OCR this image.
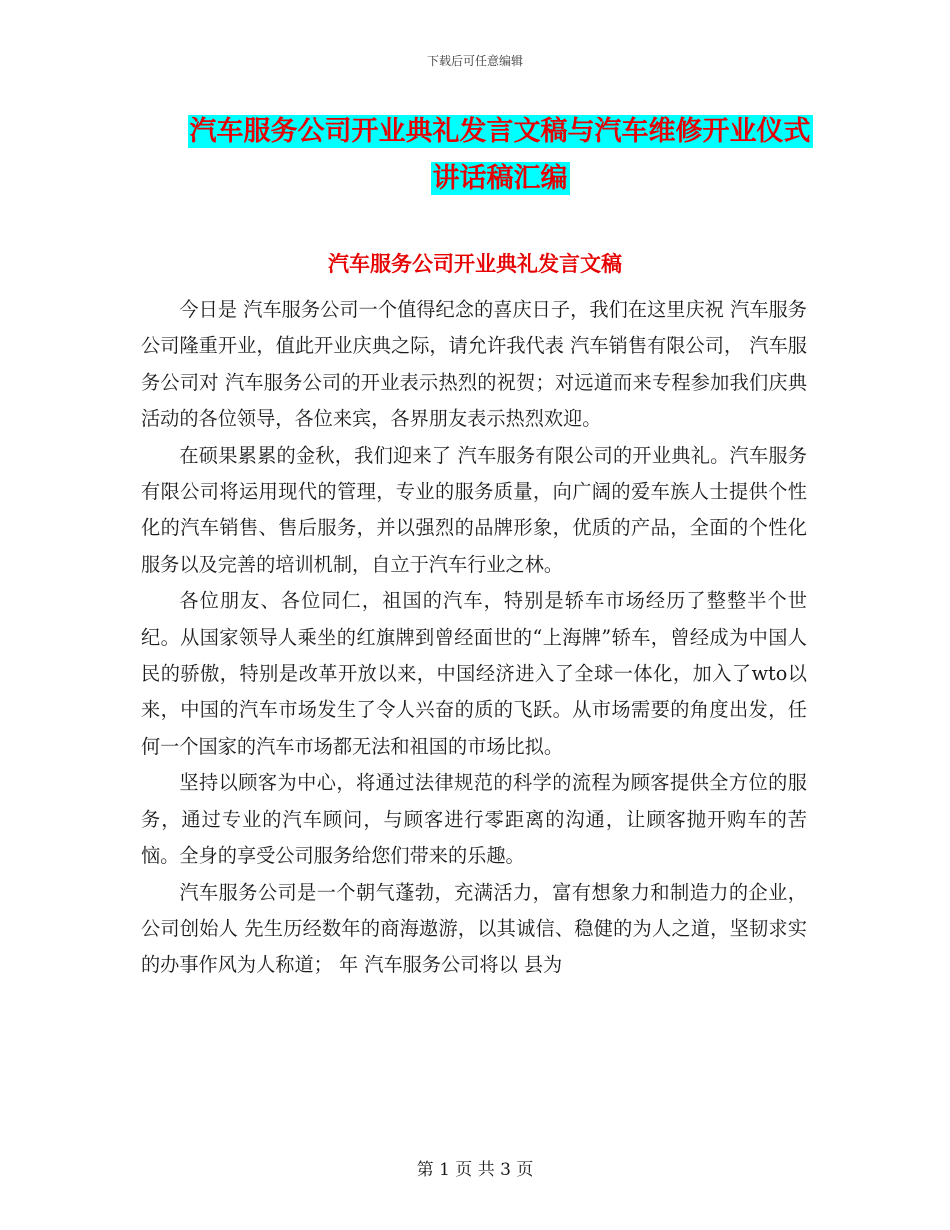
下载后可任意编辑
汽车服务公司开业典礼发言文稿与汽车维修开业仪式
讲话稿汇编
汽车服务公司开业典礼发言文稿

今日是 汽车服务公司一个值得纪念的喜庆日子，我们在这里庆祝 汽车服务公司隆重开业，值此开业庆典之际，请允许我代表 汽车销售有限公司， 汽车服务公司对 汽车服务公司的开业表示热烈的祝贺；对远道而来专程参加我们庆典活动的各位领导，各位来宾，各界朋友表示热烈欢迎。

在硕果累累的金秋，我们迎来了 汽车服务有限公司的开业典礼。汽车服务有限公司将运用现代的管理，专业的服务质量，向广阔的爱车族人士提供个性化的汽车销售、售后服务，并以强烈的品牌形象，优质的产品，全面的个性化服务以及完善的培训机制，自立于汽车行业之林。

各位朋友、各位同仁，祖国的汽车，特别是轿车市场经历了整整半个世纪。从国家领导人乘坐的红旗牌到曾经面世的“上海牌”轿车，曾经成为中国人民的骄傲，特别是改革开放以来，中国经济进入了全球一体化，加入了wto以来，中国的汽车市场发生了令人兴奋的质的飞跃。从市场需要的角度出发，任何一个国家的汽车市场都无法和祖国的市场比拟。

坚持以顾客为中心，将通过法律规范的科学的流程为顾客提供全方位的服务，通过专业的汽车顾问，与顾客进行零距离的沟通，让顾客抛开购车的苦恼。全身的享受公司服务给您们带来的乐趣。

汽车服务公司是一个朝气蓬勃，充满活力，富有想象力和制造力的企业，公司创始人 先生历经数年的商海遨游，以其诚信、稳健的为人之道，坚韧求实的办事作风为人称道； 年 汽车服务公司将以 县为

第 1 页 共 3 页
